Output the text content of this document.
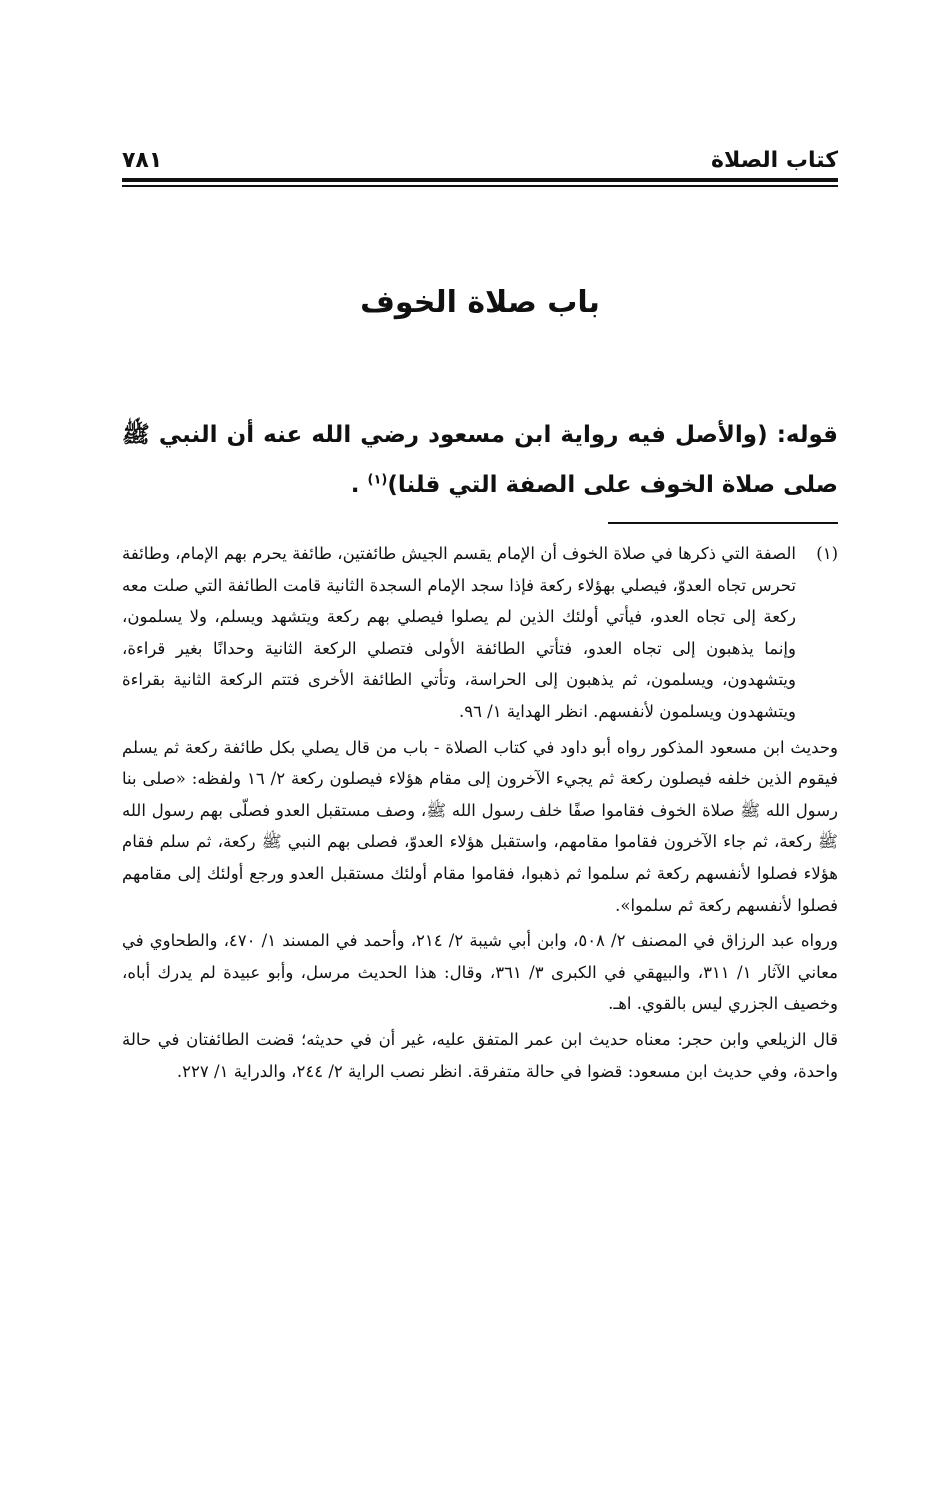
كتاب الصلاة
٧٨١
باب صلاة الخوف
قوله: (والأصل فيه رواية ابن مسعود رضي الله عنه أن النبي ﷺ صلى صلاة الخوف على الصفة التي قلنا)$^{(١)}$ .
(١)
الصفة التي ذكرها في صلاة الخوف أن الإمام يقسم الجيش طائفتين، طائفة يحرم بهم الإمام، وطائفة تحرس تجاه العدوّ، فيصلي بهؤلاء ركعة فإذا سجد الإمام السجدة الثانية قامت الطائفة التي صلت معه ركعة إلى تجاه العدو، فيأتي أولئك الذين لم يصلوا فيصلي بهم ركعة ويتشهد ويسلم، ولا يسلمون، وإنما يذهبون إلى تجاه العدو، فتأتي الطائفة الأولى فتصلي الركعة الثانية وحدانًا بغير قراءة، ويتشهدون، ويسلمون، ثم يذهبون إلى الحراسة، وتأتي الطائفة الأخرى فتتم الركعة الثانية بقراءة ويتشهدون ويسلمون لأنفسهم. انظر الهداية ١/ ٩٦.

وحديث ابن مسعود المذكور رواه أبو داود في كتاب الصلاة - باب من قال يصلي بكل طائفة ركعة ثم يسلم فيقوم الذين خلفه فيصلون ركعة ثم يجيء الآخرون إلى مقام هؤلاء فيصلون ركعة ٢/ ١٦ ولفظه: «صلى بنا رسول الله ﷺ صلاة الخوف فقاموا صفًا خلف رسول الله ﷺ، وصف مستقبل العدو فصلّى بهم رسول الله ﷺ ركعة، ثم جاء الآخرون فقاموا مقامهم، واستقبل هؤلاء العدوّ، فصلى بهم النبي ﷺ ركعة، ثم سلم فقام هؤلاء فصلوا لأنفسهم ركعة ثم سلموا ثم ذهبوا، فقاموا مقام أولئك مستقبل العدو ورجع أولئك إلى مقامهم فصلوا لأنفسهم ركعة ثم سلموا».

ورواه عبد الرزاق في المصنف ٢/ ٥٠٨، وابن أبي شيبة ٢/ ٢١٤، وأحمد في المسند ١/ ٤٧٠، والطحاوي في معاني الآثار ١/ ٣١١، والبيهقي في الكبرى ٣/ ٣٦١، وقال: هذا الحديث مرسل، وأبو عبيدة لم يدرك أباه، وخصيف الجزري ليس بالقوي. اهـ.

قال الزيلعي وابن حجر: معناه حديث ابن عمر المتفق عليه، غير أن في حديثه؛ قضت الطائفتان في حالة واحدة، وفي حديث ابن مسعود: قضوا في حالة متفرقة. انظر نصب الراية ٢/ ٢٤٤، والدراية ١/ ٢٢٧.
